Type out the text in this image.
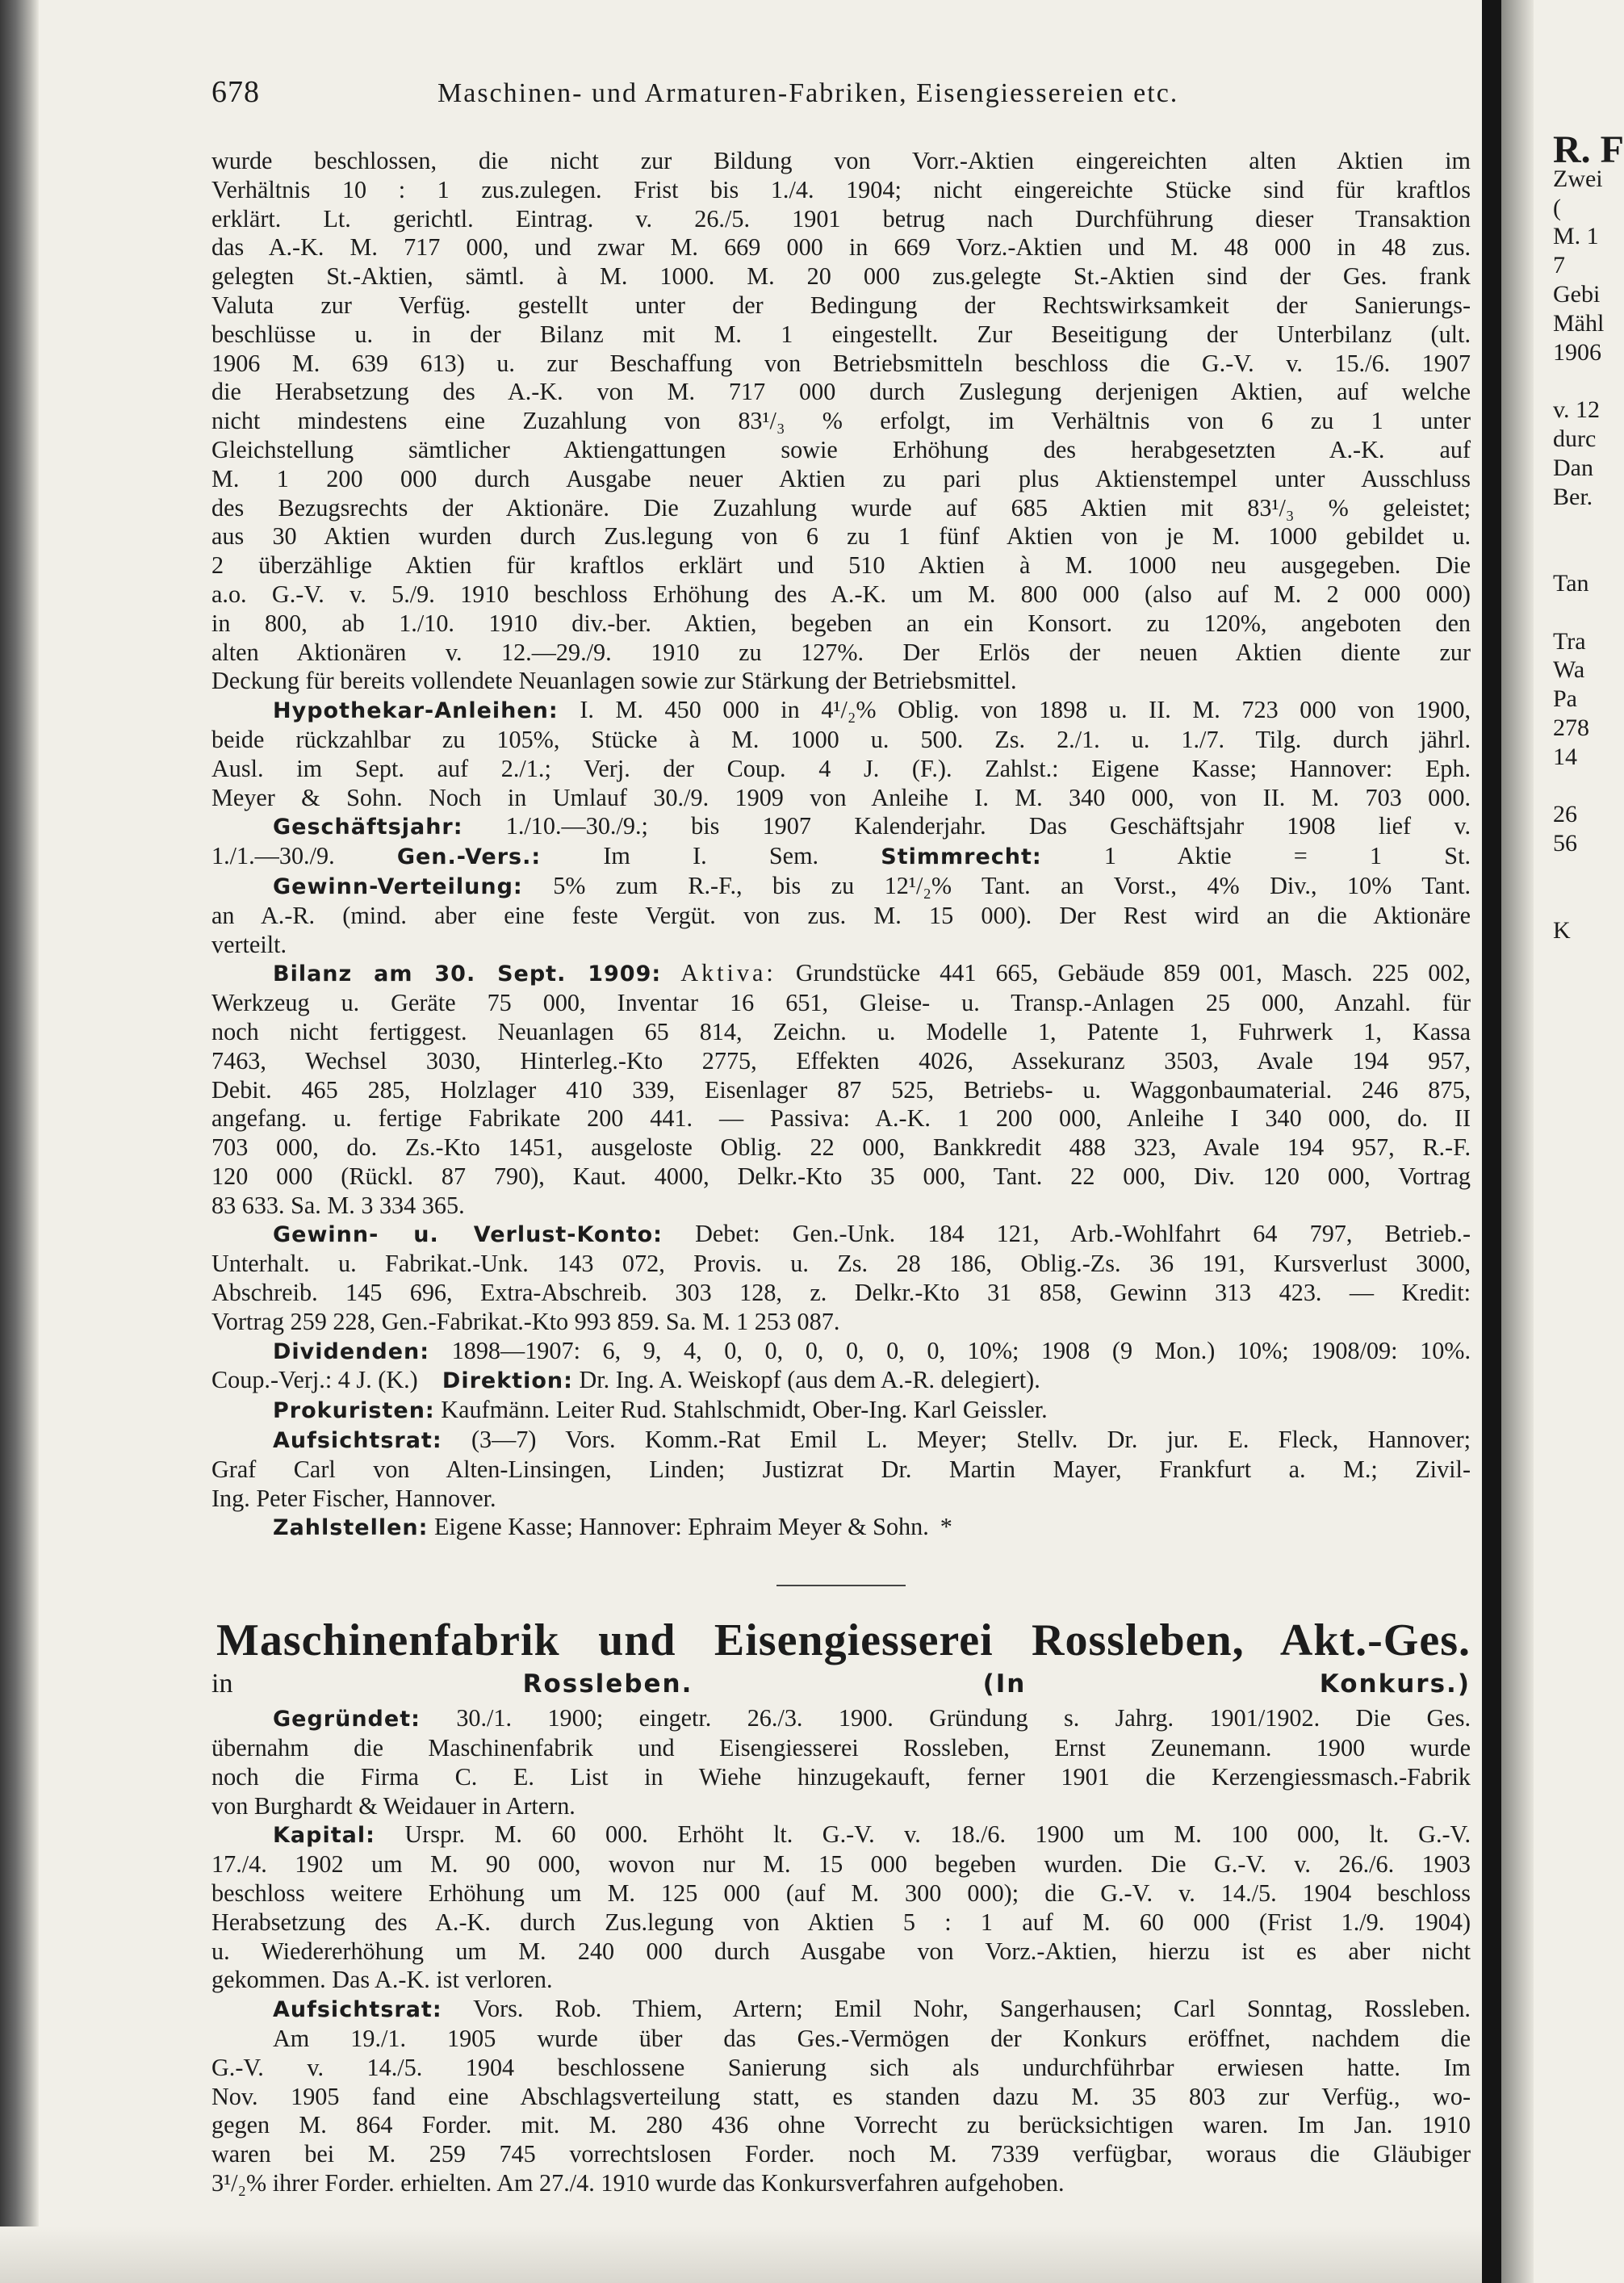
678	Maschinen- und Armaturen-Fabriken, Eisengiessereien etc.
wurde beschlossen, die nicht zur Bildung von Vorr.-Aktien eingereichten alten Aktien im
Verhältnis 10 : 1 zus.zulegen. Frist bis 1./4. 1904; nicht eingereichte Stücke sind für kraftlos
erklärt. Lt. gerichtl. Eintrag. v. 26./5. 1901 betrug nach Durchführung dieser Transaktion
das A.-K. M. 717 000, und zwar M. 669 000 in 669 Vorz.-Aktien und M. 48 000 in 48 zus.
gelegten St.-Aktien, sämtl. à M. 1000. M. 20 000 zus.gelegte St.-Aktien sind der Ges. frank
Valuta zur Verfüg. gestellt unter der Bedingung der Rechtswirksamkeit der Sanierungs-
beschlüsse u. in der Bilanz mit M. 1 eingestellt. Zur Beseitigung der Unterbilanz (ult.
1906 M. 639 613) u. zur Beschaffung von Betriebsmitteln beschloss die G.-V. v. 15./6. 1907
die Herabsetzung des A.-K. von M. 717 000 durch Zuslegung derjenigen Aktien, auf welche
nicht mindestens eine Zuzahlung von 83¹/₃ % erfolgt, im Verhältnis von 6 zu 1 unter
Gleichstellung sämtlicher Aktiengattungen sowie Erhöhung des herabgesetzten A.-K. auf
M. 1 200 000 durch Ausgabe neuer Aktien zu pari plus Aktienstempel unter Ausschluss
des Bezugsrechts der Aktionäre. Die Zuzahlung wurde auf 685 Aktien mit 83¹/₃ % geleistet;
aus 30 Aktien wurden durch Zus.legung von 6 zu 1 fünf Aktien von je M. 1000 gebildet u.
2 überzählige Aktien für kraftlos erklärt und 510 Aktien à M. 1000 neu ausgegeben. Die
a.o. G.-V. v. 5./9. 1910 beschloss Erhöhung des A.-K. um M. 800 000 (also auf M. 2 000 000)
in 800, ab 1./10. 1910 div.-ber. Aktien, begeben an ein Konsort. zu 120%, angeboten den
alten Aktionären v. 12.—29./9. 1910 zu 127%. Der Erlös der neuen Aktien diente zur
Deckung für bereits vollendete Neuanlagen sowie zur Stärkung der Betriebsmittel.
Hypothekar-Anleihen: I. M. 450 000 in 4¹/₂% Oblig. von 1898 u. II. M. 723 000 von 1900,
beide rückzahlbar zu 105%, Stücke à M. 1000 u. 500. Zs. 2./1. u. 1./7. Tilg. durch jährl.
Ausl. im Sept. auf 2./1.; Verj. der Coup. 4 J. (F.). Zahlst.: Eigene Kasse; Hannover: Eph.
Meyer & Sohn. Noch in Umlauf 30./9. 1909 von Anleihe I. M. 340 000, von II. M. 703 000.
Geschäftsjahr: 1./10.—30./9.; bis 1907 Kalenderjahr. Das Geschäftsjahr 1908 lief v.
1./1.—30./9.	Gen.-Vers.:	Im I. Sem.	Stimmrecht:	1 Aktie = 1 St.
Gewinn-Verteilung: 5% zum R.-F., bis zu 12¹/₂% Tant. an Vorst., 4% Div., 10% Tant.
an A.-R. (mind. aber eine feste Vergüt. von zus. M. 15 000). Der Rest wird an die Aktionäre
verteilt.
Bilanz am 30. Sept. 1909: Aktiva: Grundstücke 441 665, Gebäude 859 001, Masch. 225 002,
Werkzeug u. Geräte 75 000, Inventar 16 651, Gleise- u. Transp.-Anlagen 25 000, Anzahl. für
noch nicht fertiggest. Neuanlagen 65 814, Zeichn. u. Modelle 1, Patente 1, Fuhrwerk 1, Kassa
7463, Wechsel 3030, Hinterleg.-Kto 2775, Effekten 4026, Assekuranz 3503, Avale 194 957,
Debit. 465 285, Holzlager 410 339, Eisenlager 87 525, Betriebs- u. Waggonbaumaterial. 246 875,
angefang. u. fertige Fabrikate 200 441. — Passiva: A.-K. 1 200 000, Anleihe I 340 000, do. II
703 000, do. Zs.-Kto 1451, ausgeloste Oblig. 22 000, Bankkredit 488 323, Avale 194 957, R.-F.
120 000 (Rückl. 87 790), Kaut. 4000, Delkr.-Kto 35 000, Tant. 22 000, Div. 120 000, Vortrag
83 633. Sa. M. 3 334 365.
Gewinn- u. Verlust-Konto: Debet: Gen.-Unk. 184 121, Arb.-Wohlfahrt 64 797, Betrieb.-
Unterhalt. u. Fabrikat.-Unk. 143 072, Provis. u. Zs. 28 186, Oblig.-Zs. 36 191, Kursverlust 3000,
Abschreib. 145 696, Extra-Abschreib. 303 128, z. Delkr.-Kto 31 858, Gewinn 313 423. — Kredit:
Vortrag 259 228, Gen.-Fabrikat.-Kto 993 859. Sa. M. 1 253 087.
Dividenden: 1898—1907: 6, 9, 4, 0, 0, 0, 0, 0, 0, 10%; 1908 (9 Mon.) 10%; 1908/09: 10%.
Coup.-Verj.: 4 J. (K.) Direktion: Dr. Ing. A. Weiskopf (aus dem A.-R. delegiert).
Prokuristen: Kaufmänn. Leiter Rud. Stahlschmidt, Ober-Ing. Karl Geissler.
Aufsichtsrat: (3—7) Vors. Komm.-Rat Emil L. Meyer; Stellv. Dr. jur. E. Fleck, Hannover;
Graf Carl von Alten-Linsingen, Linden; Justizrat Dr. Martin Mayer, Frankfurt a. M.; Zivil-
Ing. Peter Fischer, Hannover.
Zahlstellen: Eigene Kasse; Hannover: Ephraim Meyer & Sohn. *
Maschinenfabrik und Eisengiesserei Rossleben, Akt.-Ges.
in	Rossleben.	(In Konkurs.)
Gegründet: 30./1. 1900; eingetr. 26./3. 1900. Gründung s. Jahrg. 1901/1902. Die Ges.
übernahm die Maschinenfabrik und Eisengiesserei Rossleben, Ernst Zeunemann. 1900 wurde
noch die Firma C. E. List in Wiehe hinzugekauft, ferner 1901 die Kerzengiessmasch.-Fabrik
von Burghardt & Weidauer in Artern.
Kapital: Urspr. M. 60 000. Erhöht lt. G.-V. v. 18./6. 1900 um M. 100 000, lt. G.-V.
17./4. 1902 um M. 90 000, wovon nur M. 15 000 begeben wurden. Die G.-V. v. 26./6. 1903
beschloss weitere Erhöhung um M. 125 000 (auf M. 300 000); die G.-V. v. 14./5. 1904 beschloss
Herabsetzung des A.-K. durch Zus.legung von Aktien 5 : 1 auf M. 60 000 (Frist 1./9. 1904)
u. Wiedererhöhung um M. 240 000 durch Ausgabe von Vorz.-Aktien, hierzu ist es aber nicht
gekommen. Das A.-K. ist verloren.
Aufsichtsrat: Vors. Rob. Thiem, Artern; Emil Nohr, Sangerhausen; Carl Sonntag, Rossleben.
Am 19./1. 1905 wurde über das Ges.-Vermögen der Konkurs eröffnet, nachdem die
G.-V. v. 14./5. 1904 beschlossene Sanierung sich als undurchführbar erwiesen hatte. Im
Nov. 1905 fand eine Abschlagsverteilung statt, es standen dazu M. 35 803 zur Verfüg., wo-
gegen M. 864 Forder. mit. M. 280 436 ohne Vorrecht zu berücksichtigen waren. Im Jan. 1910
waren bei M. 259 745 vorrechtslosen Forder. noch M. 7339 verfügbar, woraus die Gläubiger
3¹/₂% ihrer Forder. erhielten. Am 27./4. 1910 wurde das Konkursverfahren aufgehoben.
R. F
Zwei
(
M. 1
7
Gebi
Mähl
1906
v. 12
durc
Dan
Ber.
Tan
Tra
Wa
Pa
278
14
26
56
K
